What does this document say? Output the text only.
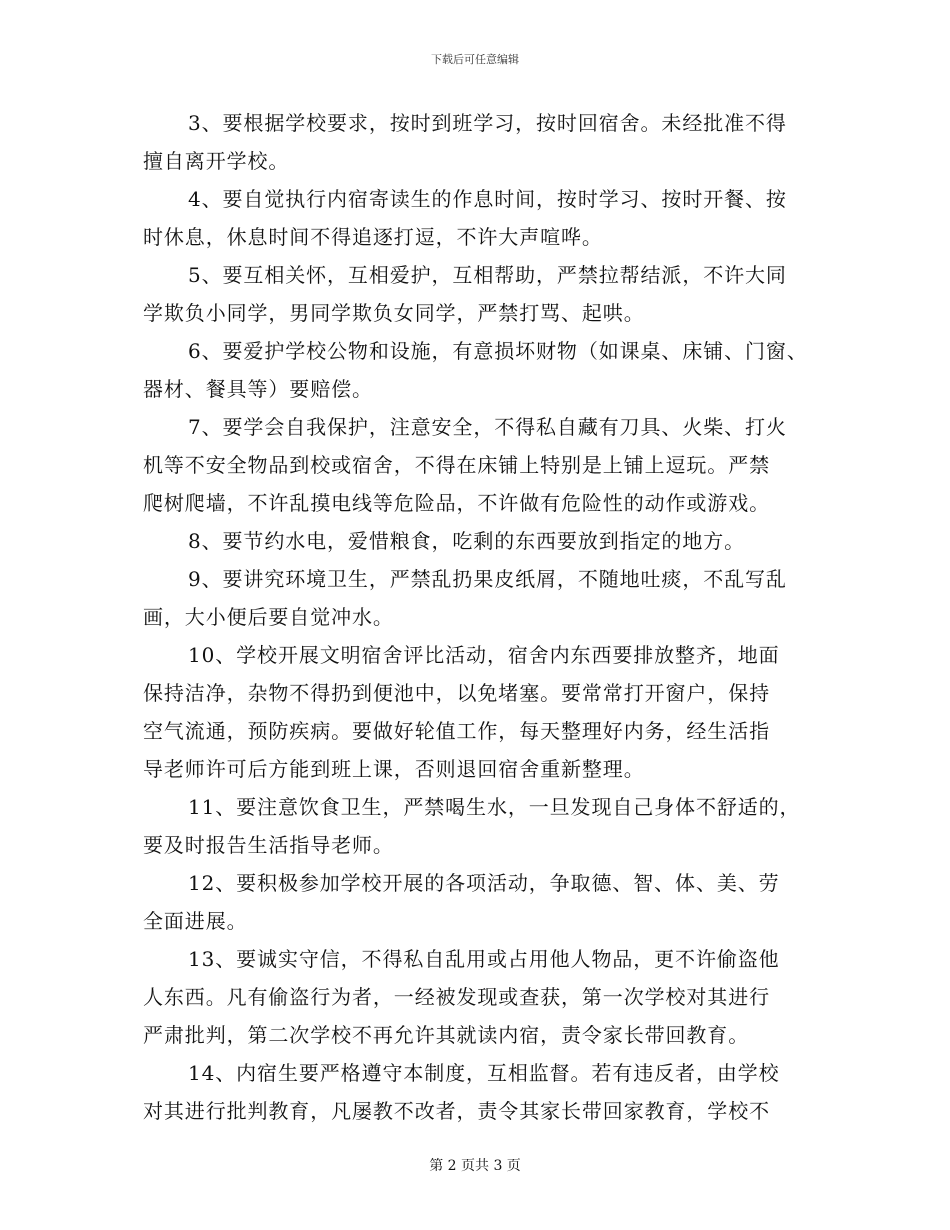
下载后可任意编辑

3、要根据学校要求，按时到班学习，按时回宿舍。未经批准不得
擅自离开学校。

4、要自觉执行内宿寄读生的作息时间，按时学习、按时开餐、按
时休息，休息时间不得追逐打逗，不许大声喧哗。

5、要互相关怀，互相爱护，互相帮助，严禁拉帮结派，不许大同
学欺负小同学，男同学欺负女同学，严禁打骂、起哄。

6、要爱护学校公物和设施，有意损坏财物（如课桌、床铺、门窗、
器材、餐具等）要赔偿。

7、要学会自我保护，注意安全，不得私自藏有刀具、火柴、打火
机等不安全物品到校或宿舍，不得在床铺上特别是上铺上逗玩。严禁
爬树爬墙，不许乱摸电线等危险品，不许做有危险性的动作或游戏。

8、要节约水电，爱惜粮食，吃剩的东西要放到指定的地方。

9、要讲究环境卫生，严禁乱扔果皮纸屑，不随地吐痰，不乱写乱
画，大小便后要自觉冲水。

10、学校开展文明宿舍评比活动，宿舍内东西要排放整齐，地面
保持洁净，杂物不得扔到便池中，以免堵塞。要常常打开窗户，保持
空气流通，预防疾病。要做好轮值工作，每天整理好内务，经生活指
导老师许可后方能到班上课，否则退回宿舍重新整理。

11、要注意饮食卫生，严禁喝生水，一旦发现自己身体不舒适的，
要及时报告生活指导老师。

12、要积极参加学校开展的各项活动，争取德、智、体、美、劳
全面进展。

13、要诚实守信，不得私自乱用或占用他人物品，更不许偷盗他
人东西。凡有偷盗行为者，一经被发现或查获，第一次学校对其进行
严肃批判，第二次学校不再允许其就读内宿，责令家长带回教育。

14、内宿生要严格遵守本制度，互相监督。若有违反者，由学校
对其进行批判教育，凡屡教不改者，责令其家长带回家教育，学校不

第 2 页共 3 页
